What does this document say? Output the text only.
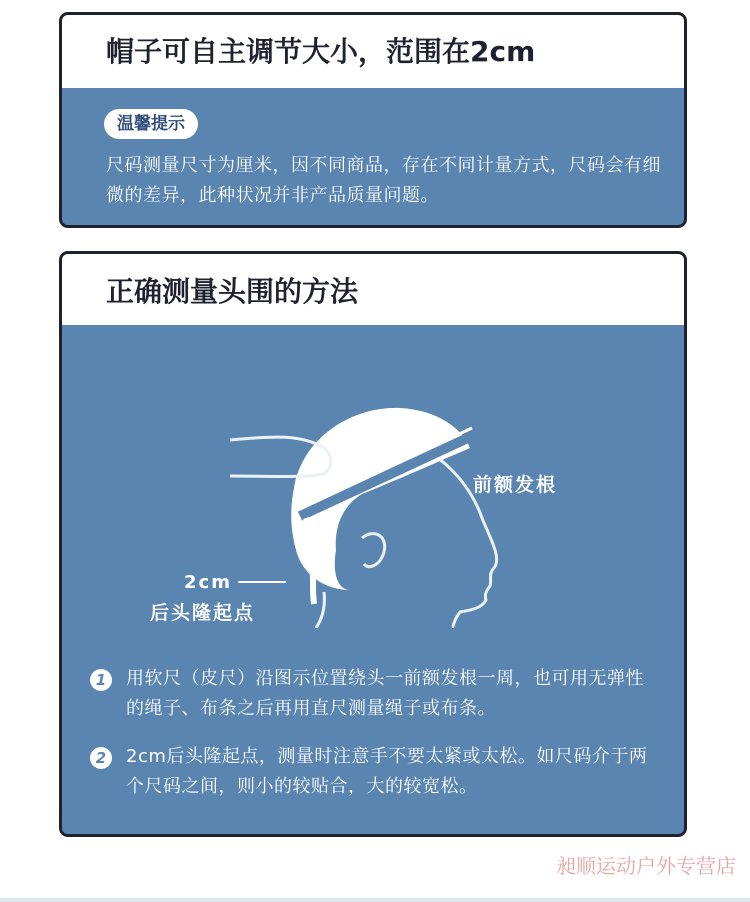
帽子可自主调节大小，范围在2cm
温馨提示
尺码测量尺寸为厘米，因不同商品，存在不同计量方式，尺码会有细微的差异，此种状况并非产品质量问题。
正确测量头围的方法
前额发根
2cm
后头隆起点
1	用软尺（皮尺）沿图示位置绕头一前额发根一周，也可用无弹性的绳子、布条之后再用直尺测量绳子或布条。
2	2cm后头隆起点，测量时注意手不要太紧或太松。如尺码介于两个尺码之间，则小的较贴合，大的较宽松。
昶顺运动户外专营店
